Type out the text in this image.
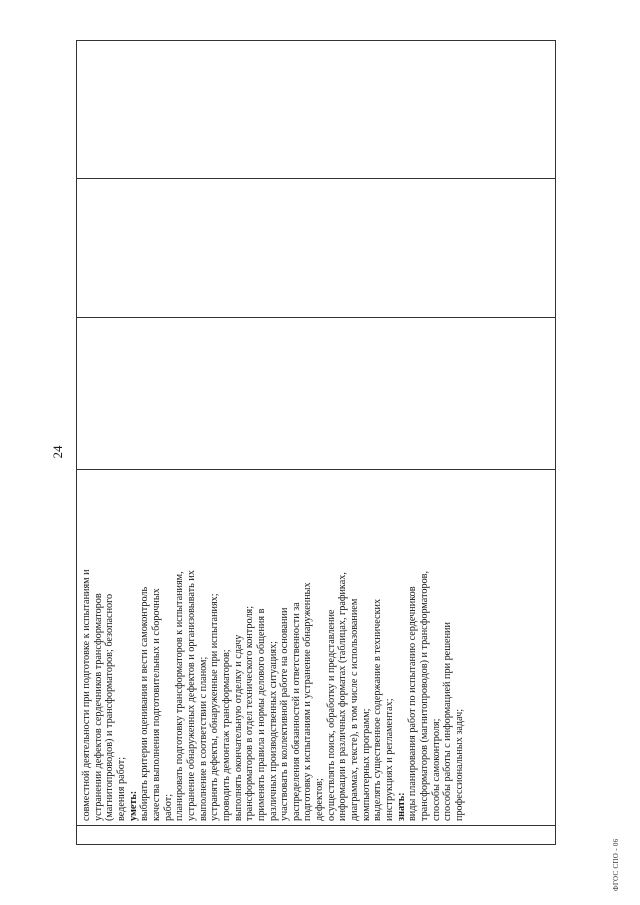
24
совместной деятельности при подготовке к испытаниям и устранении дефектов сердечников трансформаторов (магнитопроводов) и трансформаторов; безопасного ведения работ; уметь: выбирать критерии оценивания и вести самоконтроль качества выполнения подготовительных и сборочных работ; планировать подготовку трансформаторов к испытаниям, устранение обнаруженных дефектов и организовывать их выполнение в соответствии с планом; устранять дефекты, обнаруженные при испытаниях; проводить демонтаж трансформаторов; выполнять окончательную отделку и сдачу трансформаторов в отдел технического контроля; применять правила и нормы делового общения в различных производственных ситуациях; участвовать в коллективной работе на основании распределения обязанностей и ответственности за подготовку к испытаниям и устранение обнаруженных дефектов; осуществлять поиск, обработку и представление информации в различных форматах (таблицах, графиках, диаграммах, тексте), в том числе с использованием компьютерных программ; выделять существенное содержание в технических инструкциях и регламентах; знать: виды планирования работ по испытанию сердечников трансформаторов (магнитопроводов) и трансформаторов, способы самоконтроля; способы работы с информацией при решении профессиональных задач;
ФГОС СПО - 06
